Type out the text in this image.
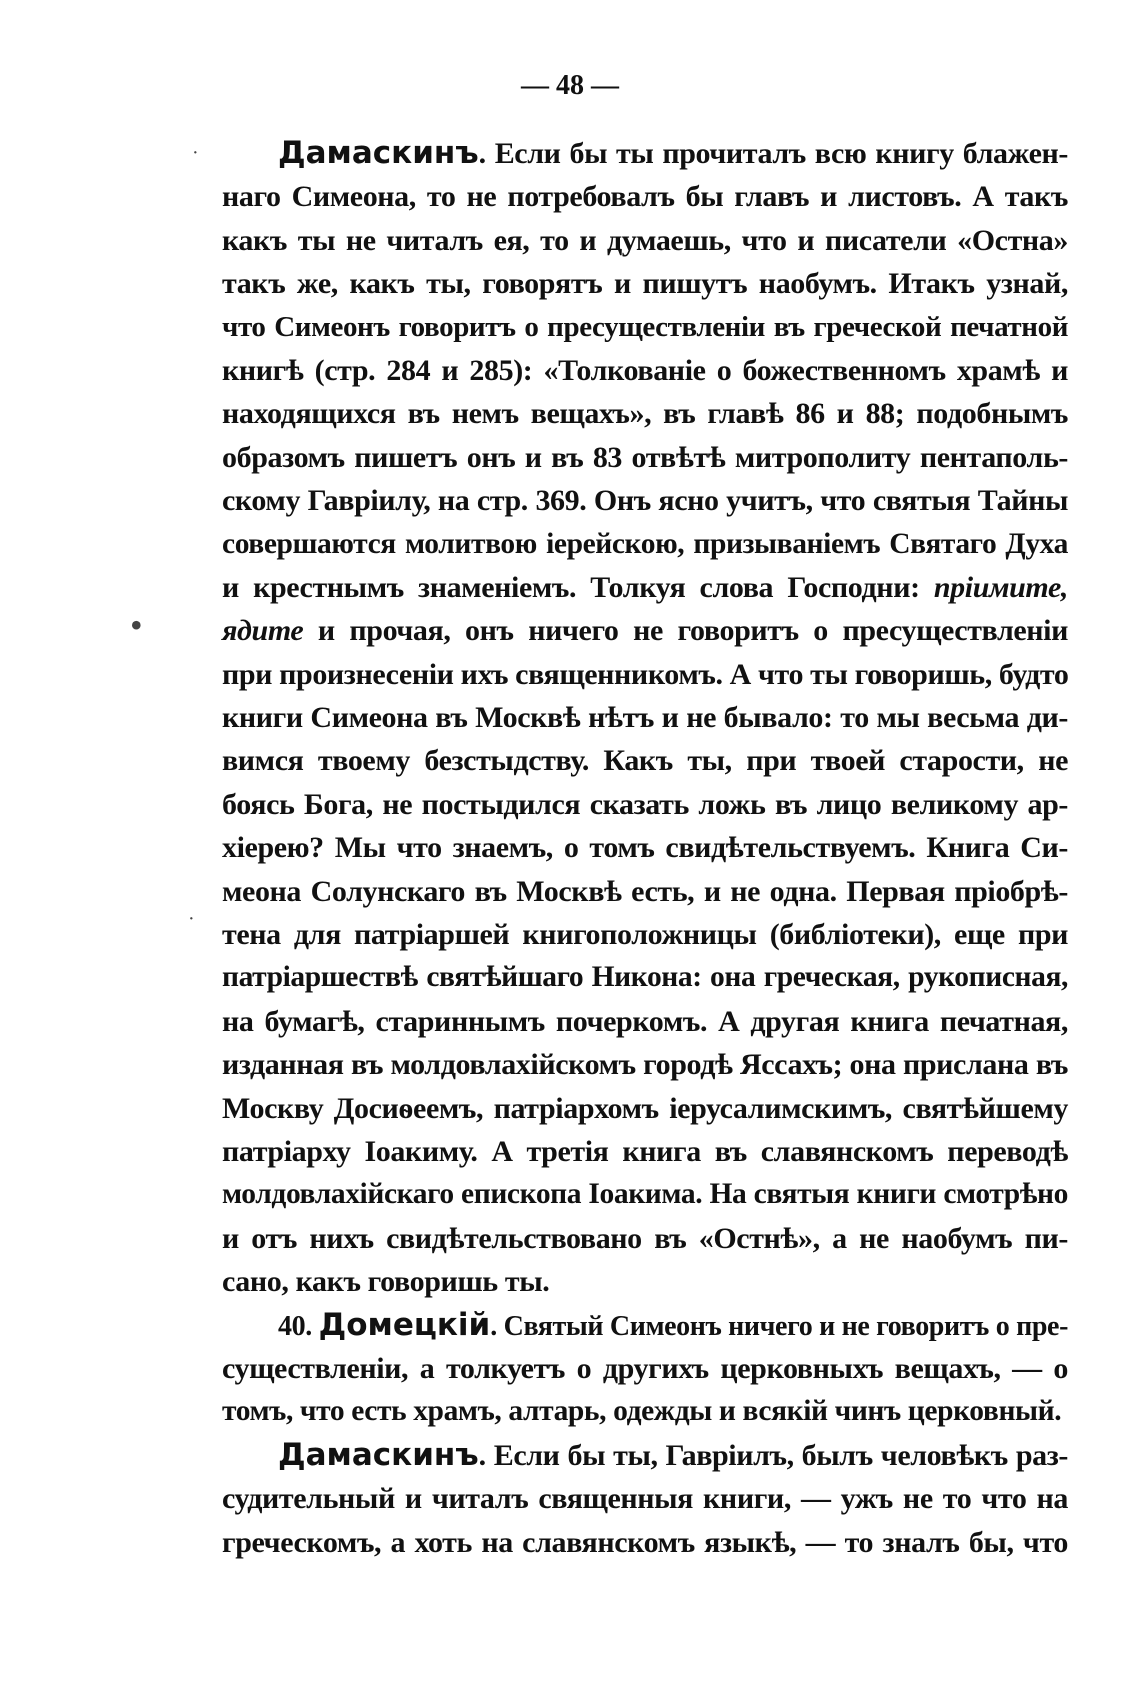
— 48 —
·
•
·
Дамаскинъ. Если бы ты прочиталъ всю книгу блажен-
наго Симеона, то не потребовалъ бы главъ и листовъ. А такъ
какъ ты не читалъ ея, то и думаешь, что и писатели «Остна»
такъ же, какъ ты, говорятъ и пишутъ наобумъ. Итакъ узнай,
что Симеонъ говоритъ о пресуществленiи въ греческой печатной
книгѣ (стр. 284 и 285): «Толкованiе о божественномъ храмѣ и
находящихся въ немъ вещахъ», въ главѣ 86 и 88; подобнымъ
образомъ пишетъ онъ и въ 83 отвѣтѣ митрополиту пентаполь-
скому Гаврiилу, на стр. 369. Онъ ясно учитъ, что святыя Тайны
совершаются молитвою iерейскою, призыванiемъ Святаго Духа
и крестнымъ знаменiемъ. Толкуя слова Господни: прiимите,
ядите и прочая, онъ ничего не говоритъ о пресуществленiи
при произнесенiи ихъ священникомъ. А что ты говоришь, будто
книги Симеона въ Москвѣ нѣтъ и не бывало: то мы весьма ди-
вимся твоему безстыдству. Какъ ты, при твоей старости, не
боясь Бога, не постыдился сказать ложь въ лицо великому ар-
хiерею? Мы что знаемъ, о томъ свидѣтельствуемъ. Книга Си-
меона Солунскаго въ Москвѣ есть, и не одна. Первая прiобрѣ-
тена для патрiаршей книгоположницы (библiотеки), еще при
патрiаршествѣ святѣйшаго Никона: она греческая, рукописная,
на бумагѣ, стариннымъ почеркомъ. А другая книга печатная,
изданная въ молдовлахiйскомъ городѣ Яссахъ; она прислана въ
Москву Досиѳеемъ, патрiархомъ iерусалимскимъ, святѣйшему
патрiарху Iоакиму. А третiя книга въ славянскомъ переводѣ
молдовлахiйскаго епископа Iоакима. На святыя книги смотрѣно
и отъ нихъ свидѣтельствовано въ «Остнѣ», а не наобумъ пи-
сано, какъ говоришь ты.
40. Домецкiй. Святый Симеонъ ничего и не говоритъ о пре-
существленiи, а толкуетъ о другихъ церковныхъ вещахъ, — о
томъ, что есть храмъ, алтарь, одежды и всякiй чинъ церковный.
Дамаскинъ. Если бы ты, Гаврiилъ, былъ человѣкъ раз-
судительный и читалъ священныя книги, — ужъ не то что на
греческомъ, а хоть на славянскомъ языкѣ, — то зналъ бы, что
